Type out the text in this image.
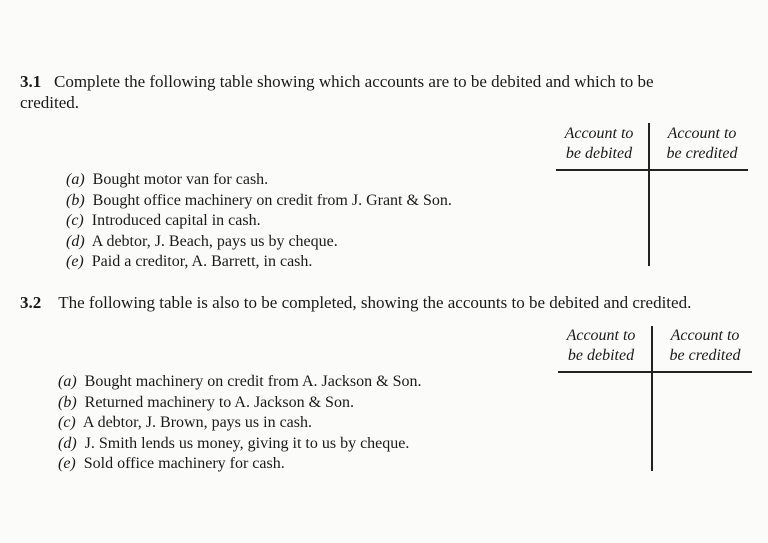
3.1 Complete the following table showing which accounts are to be debited and which to be
credited.
Account to
be debited
Account to
be credited
(a) Bought motor van for cash.
(b) Bought office machinery on credit from J. Grant & Son.
(c) Introduced capital in cash.
(d) A debtor, J. Beach, pays us by cheque.
(e) Paid a creditor, A. Barrett, in cash.
3.2 The following table is also to be completed, showing the accounts to be debited and credited.
Account to
be debited
Account to
be credited
(a) Bought machinery on credit from A. Jackson & Son.
(b) Returned machinery to A. Jackson & Son.
(c) A debtor, J. Brown, pays us in cash.
(d) J. Smith lends us money, giving it to us by cheque.
(e) Sold office machinery for cash.
